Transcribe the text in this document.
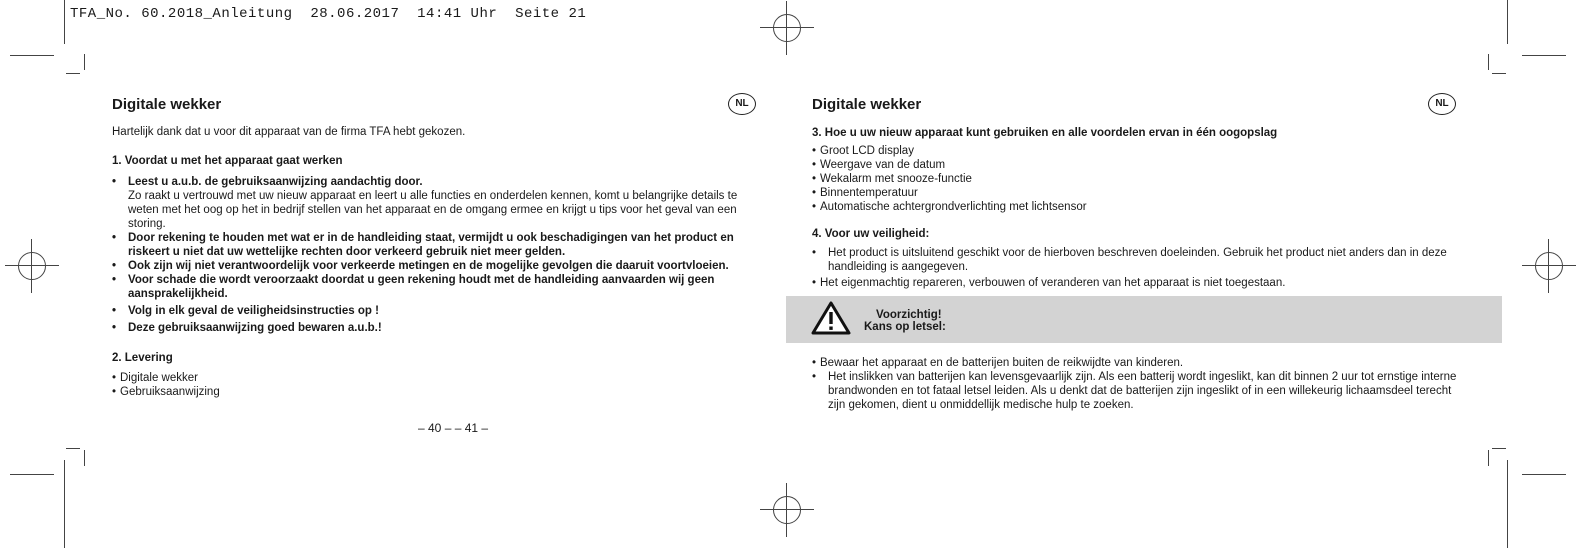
TFA_No. 60.2018_Anleitung  28.06.2017  14:41 Uhr  Seite 21
Digitale wekker	NL

Hartelijk dank dat u voor dit apparaat van de firma TFA hebt gekozen.

1. Voordat u met het apparaat gaat werken
• Leest u a.u.b. de gebruiksaanwijzing aandachtig door.
Zo raakt u vertrouwd met uw nieuw apparaat en leert u alle functies en onderdelen kennen, komt u belangrijke details te weten met het oog op het in bedrijf stellen van het apparaat en de omgang ermee en krijgt u tips voor het geval van een storing.
• Door rekening te houden met wat er in de handleiding staat, vermijdt u ook beschadigingen van het product en riskeert u niet dat uw wettelijke rechten door verkeerd gebruik niet meer gelden.
• Ook zijn wij niet verantwoordelijk voor verkeerde metingen en de mogelijke gevolgen die daaruit voortvloeien.
• Voor schade die wordt veroorzaakt doordat u geen rekening houdt met de handleiding aanvaarden wij geen aansprakelijkheid.
• Volg in elk geval de veiligheidsinstructies op !
• Deze gebruiksaanwijzing goed bewaren a.u.b.!
2. Levering
• Digitale wekker
• Gebruiksaanwijzing
– 40 – – 41 –
Digitale wekker	NL
3. Hoe u uw nieuw apparaat kunt gebruiken en alle voordelen ervan in één oogopslag
• Groot LCD display
• Weergave van de datum
• Wekalarm met snooze-functie
• Binnentemperatuur
• Automatische achtergrondverlichting met lichtsensor
4. Voor uw veiligheid:
• Het product is uitsluitend geschikt voor de hierboven beschreven doeleinden. Gebruik het product niet anders dan in deze handleiding is aangegeven.
• Het eigenmachtig repareren, verbouwen of veranderen van het apparaat is niet toegestaan.
Voorzichtig!
Kans op letsel:
• Bewaar het apparaat en de batterijen buiten de reikwijdte van kinderen.
• Het inslikken van batterijen kan levensgevaarlijk zijn. Als een batterij wordt ingeslikt, kan dit binnen 2 uur tot ernstige interne brandwonden en tot fataal letsel leiden. Als u denkt dat de batterijen zijn ingeslikt of in een willekeurig lichaamsdeel terecht zijn gekomen, dient u onmiddellijk medische hulp te zoeken.
